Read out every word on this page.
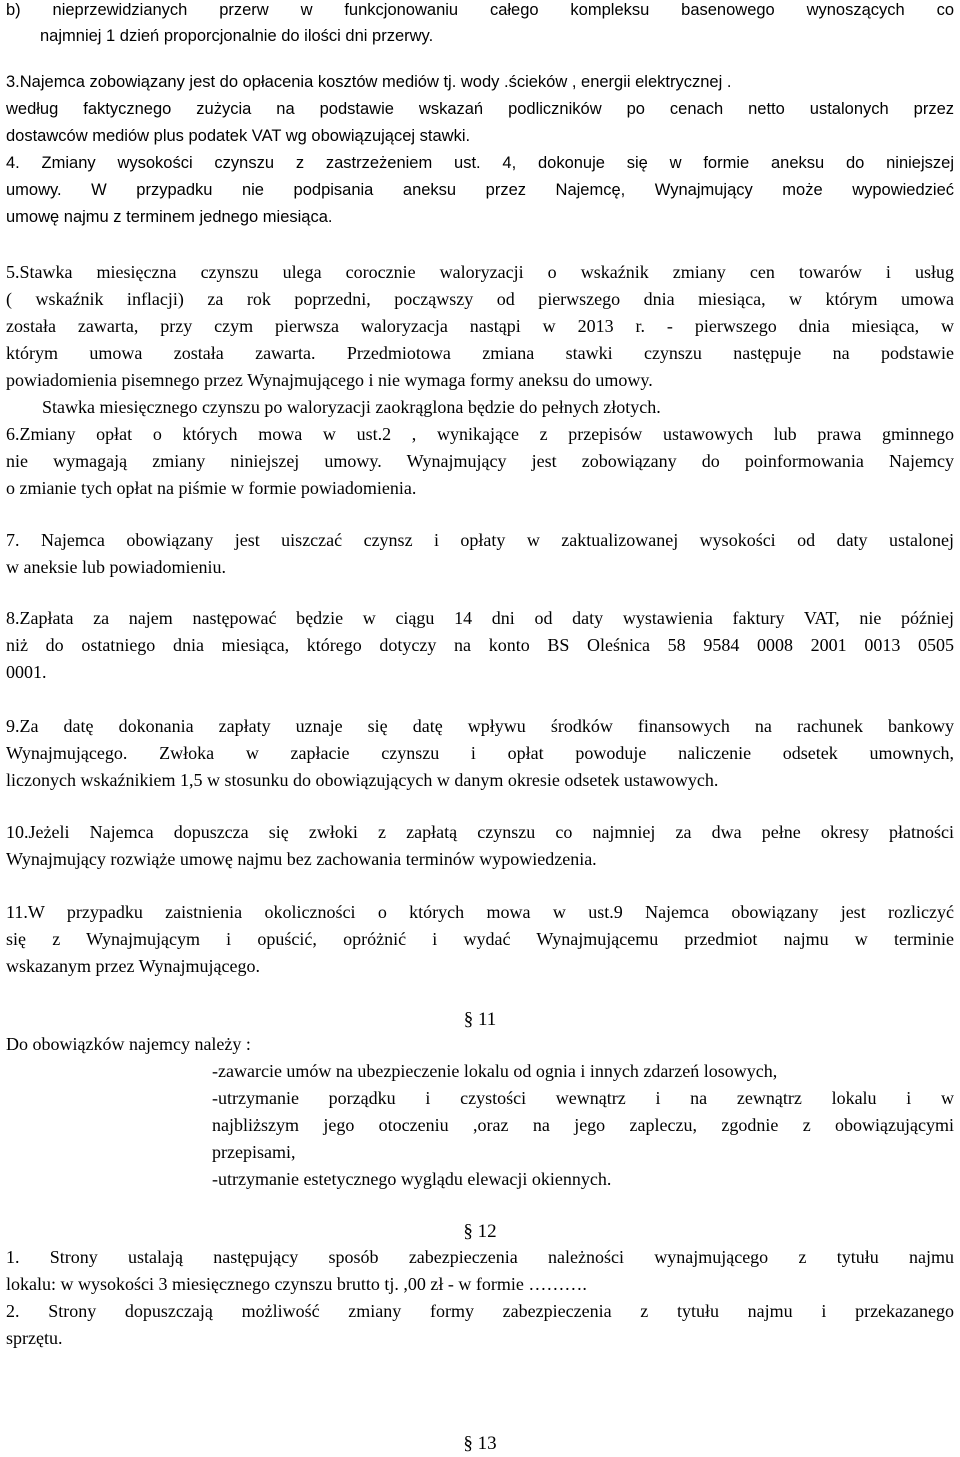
b) nieprzewidzianych przerw w funkcjonowaniu całego kompleksu basenowego wynoszących co
najmniej 1 dzień proporcjonalnie do ilości dni przerwy.
3.Najemca zobowiązany jest do opłacenia kosztów mediów tj. wody .ścieków , energii elektrycznej .
według faktycznego zużycia na podstawie wskazań podliczników po cenach netto ustalonych przez
dostawców mediów plus podatek VAT wg obowiązującej stawki.
4. Zmiany wysokości czynszu z zastrzeżeniem ust. 4, dokonuje się w formie aneksu do niniejszej
umowy. W przypadku nie podpisania aneksu przez Najemcę, Wynajmujący może wypowiedzieć
umowę najmu z terminem jednego miesiąca.
5.Stawka miesięczna czynszu ulega corocznie waloryzacji o wskaźnik zmiany cen towarów i usług
( wskaźnik inflacji) za rok poprzedni, począwszy od pierwszego dnia miesiąca, w którym umowa
została zawarta, przy czym pierwsza waloryzacja nastąpi w 2013 r. - pierwszego dnia miesiąca, w
którym umowa została zawarta. Przedmiotowa zmiana stawki czynszu następuje na podstawie
powiadomienia pisemnego przez Wynajmującego i nie wymaga formy aneksu do umowy.
Stawka miesięcznego czynszu po waloryzacji zaokrąglona będzie do pełnych złotych.
6.Zmiany opłat o których mowa w ust.2 , wynikające z przepisów ustawowych lub prawa gminnego
nie wymagają zmiany niniejszej umowy. Wynajmujący jest zobowiązany do poinformowania Najemcy
o zmianie tych opłat na piśmie w formie powiadomienia.
7. Najemca obowiązany jest uiszczać czynsz i opłaty w zaktualizowanej wysokości od daty ustalonej
w aneksie lub powiadomieniu.
8.Zapłata za najem następować będzie w ciągu 14 dni od daty wystawienia faktury VAT, nie później
niż do ostatniego dnia miesiąca, którego dotyczy na konto BS Oleśnica 58 9584 0008 2001 0013 0505
0001.
9.Za datę dokonania zapłaty uznaje się datę wpływu środków finansowych na rachunek bankowy
Wynajmującego. Zwłoka w zapłacie czynszu i opłat powoduje naliczenie odsetek umownych,
liczonych wskaźnikiem 1,5 w stosunku do obowiązujących w danym okresie odsetek ustawowych.
10.Jeżeli Najemca dopuszcza się zwłoki z zapłatą czynszu co najmniej za dwa pełne okresy płatności
Wynajmujący rozwiąże umowę najmu bez zachowania terminów wypowiedzenia.
11.W przypadku zaistnienia okoliczności o których mowa w ust.9 Najemca obowiązany jest rozliczyć
się z Wynajmującym i opuścić, opróżnić i wydać Wynajmującemu przedmiot najmu w terminie
wskazanym przez Wynajmującego.
§ 11
Do obowiązków najemcy należy :
-zawarcie umów na ubezpieczenie lokalu od ognia i innych zdarzeń losowych,
-utrzymanie porządku i czystości wewnątrz i na zewnątrz lokalu i w
najbliższym jego otoczeniu ,oraz na jego zapleczu, zgodnie z obowiązującymi
przepisami,
-utrzymanie estetycznego wyglądu elewacji okiennych.
§ 12
1. Strony ustalają następujący sposób zabezpieczenia należności wynajmującego z tytułu najmu
lokalu: w wysokości 3 miesięcznego czynszu brutto tj. ,00 zł - w formie ……….
2. Strony dopuszczają możliwość zmiany formy zabezpieczenia z tytułu najmu i przekazanego
sprzętu.
§ 13
